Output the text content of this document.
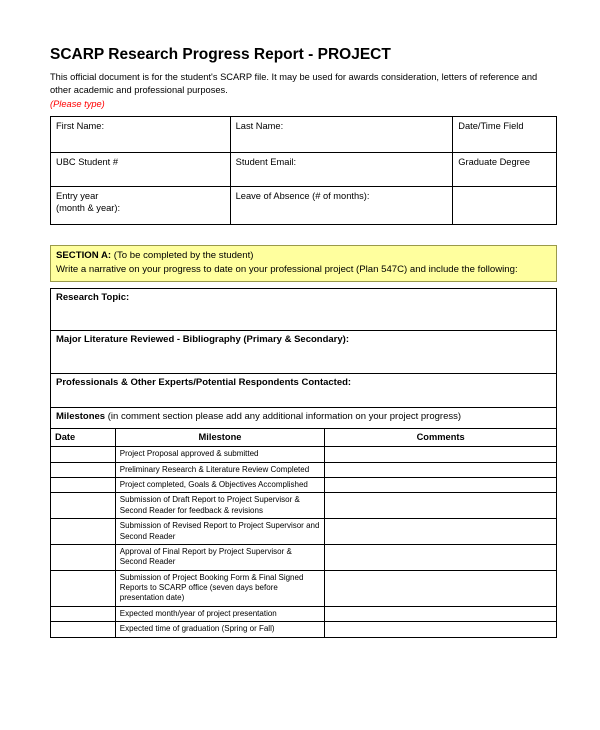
SCARP Research Progress Report - PROJECT

This official document is for the student's SCARP file. It may be used for awards consideration, letters of reference and other academic and professional purposes.

(Please type)

First Name:	Last Name:	Date/Time Field
UBC Student #	Student Email:	Graduate Degree
Entry year
(month & year):	Leave of Absence (# of months):	
SECTION A: (To be completed by the student)
Write a narrative on your progress to date on your professional project (Plan 547C) and include the following:
Research Topic:
Major Literature Reviewed - Bibliography (Primary & Secondary):
Professionals & Other Experts/Potential Respondents Contacted:
Milestones (in comment section please add any additional information on your project progress)
Date	Milestone	Comments
	Project Proposal approved & submitted	
	Preliminary Research & Literature Review Completed	
	Project completed, Goals & Objectives Accomplished	
	Submission of Draft Report to Project Supervisor & Second Reader for feedback & revisions	
	Submission of Revised Report to Project Supervisor and Second Reader	
	Approval of Final Report by Project Supervisor & Second Reader	
	Submission of Project Booking Form & Final Signed Reports to SCARP office (seven days before presentation date)	
	Expected month/year of project presentation	
	Expected time of graduation (Spring or Fall)	
